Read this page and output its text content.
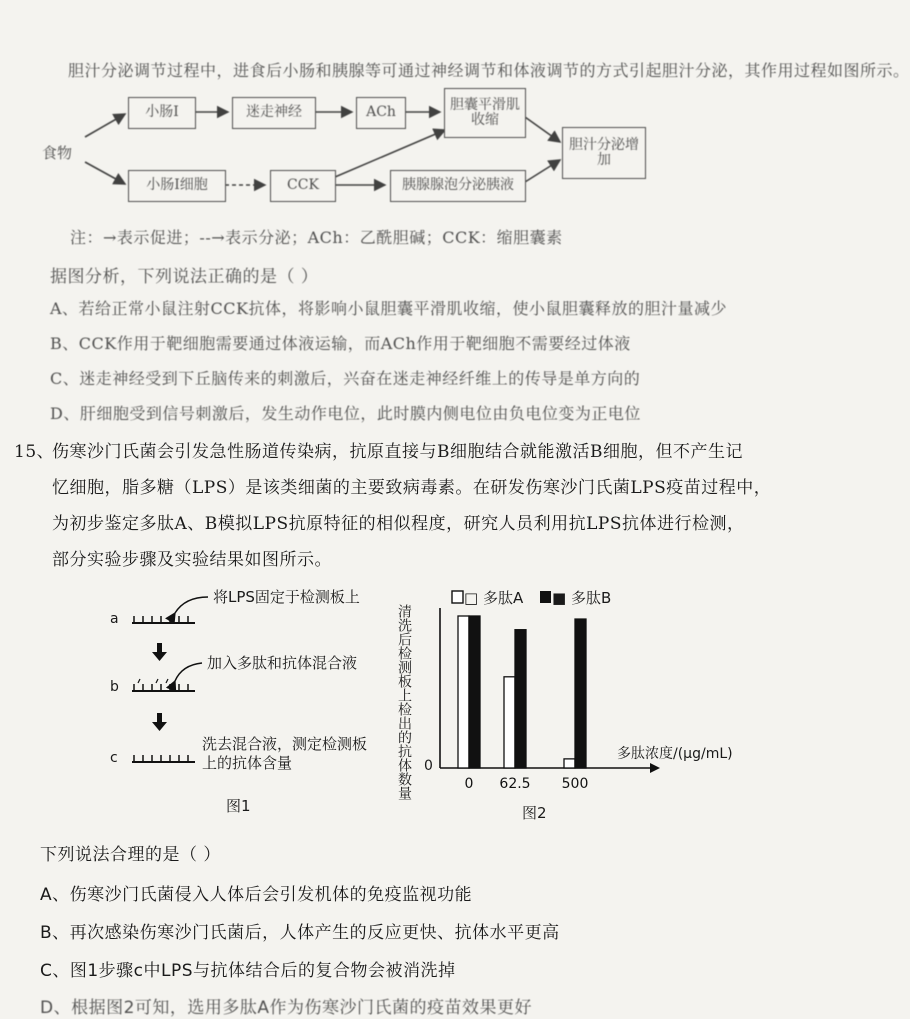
胆汁分泌调节过程中，进食后小肠和胰腺等可通过神经调节和体液调节的方式引起胆汁分泌，其作用过程如图所示。
食物
小肠I	迷走神经	ACh	胆囊平滑肌收缩
小肠I细胞	CCK	胰腺腺泡分泌胰液
胆汁分泌增加
注：→表示促进；--→表示分泌；ACh：乙酰胆碱；CCK：缩胆囊素
据图分析，下列说法正确的是（ ）
A、若给正常小鼠注射CCK抗体，将影响小鼠胆囊平滑肌收缩，使小鼠胆囊释放的胆汁量减少
B、CCK作用于靶细胞需要通过体液运输，而ACh作用于靶细胞不需要经过体液
C、迷走神经受到下丘脑传来的刺激后，兴奋在迷走神经纤维上的传导是单方向的
D、肝细胞受到信号刺激后，发生动作电位，此时膜内侧电位由负电位变为正电位
15、
伤寒沙门氏菌会引发急性肠道传染病，抗原直接与B细胞结合就能激活B细胞，但不产生记
忆细胞，脂多糖（LPS）是该类细菌的主要致病毒素。在研发伤寒沙门氏菌LPS疫苗过程中，
为初步鉴定多肽A、B模拟LPS抗原特征的相似程度，研究人员利用抗LPS抗体进行检测，
部分实验步骤及实验结果如图所示。
a
b
c
将LPS固定于检测板上
加入多肽和抗体混合液
洗去混合液，测定检测板上的抗体含量
图1
0 62.5 500
清洗后检测板上检出的抗体数量 0
□ 多肽A ■ 多肽B
多肽浓度/(μg/mL)
图2
下列说法合理的是（ ）
A、伤寒沙门氏菌侵入人体后会引发机体的免疫监视功能
B、再次感染伤寒沙门氏菌后，人体产生的反应更快、抗体水平更高
C、图1步骤c中LPS与抗体结合后的复合物会被消洗掉
D、根据图2可知，选用多肽A作为伤寒沙门氏菌的疫苗效果更好
